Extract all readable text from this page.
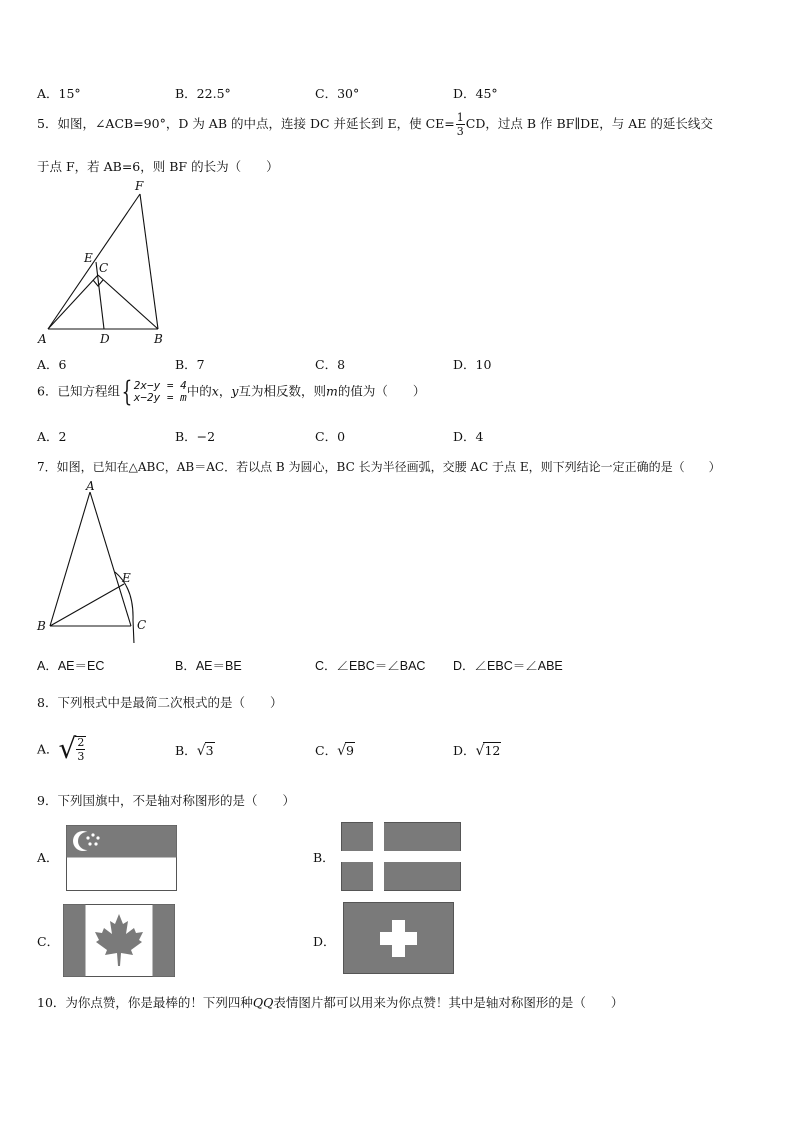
A．15°	B．22.5°	C．30°	D．45°
5．如图，∠ACB=90°，D 为 AB 的中点，连接 DC 并延长到 E，使 $CE= \frac{1}{3}$ CD，过点 B 作 BF∥DE，与 AE 的延长线交
于点 F，若 AB=6，则 BF 的长为（　　）
F
E
C
A	D	B
A．6	B．7	C．8	D．10
6．已知方程组{ 2x−y = 4
x−2y = m 中的x，y互为相反数，则m的值为（　　）
A．2	B．−2	C．0	D．4
7．如图，已知在△ABC，AB＝AC．若以点 B 为圆心，BC 长为半径画弧，交腰 AC 于点 E，则下列结论一定正确的是（　　）
A
E
B	C
A．AE＝EC	B．AE＝BE	C．∠EBC＝∠BAC D．∠EBC＝∠ABE
8．下列根式中是最简二次根式的是（　　）
A．√ $\frac{2}{3}$	B．√3	C．√9	D．√12
9．下列国旗中，不是轴对称图形的是（　　）
A．	B．
C．	D．
10．为你点赞，你是最棒的！下列四种QQ表情图片都可以用来为你点赞！其中是轴对称图形的是（　　）
